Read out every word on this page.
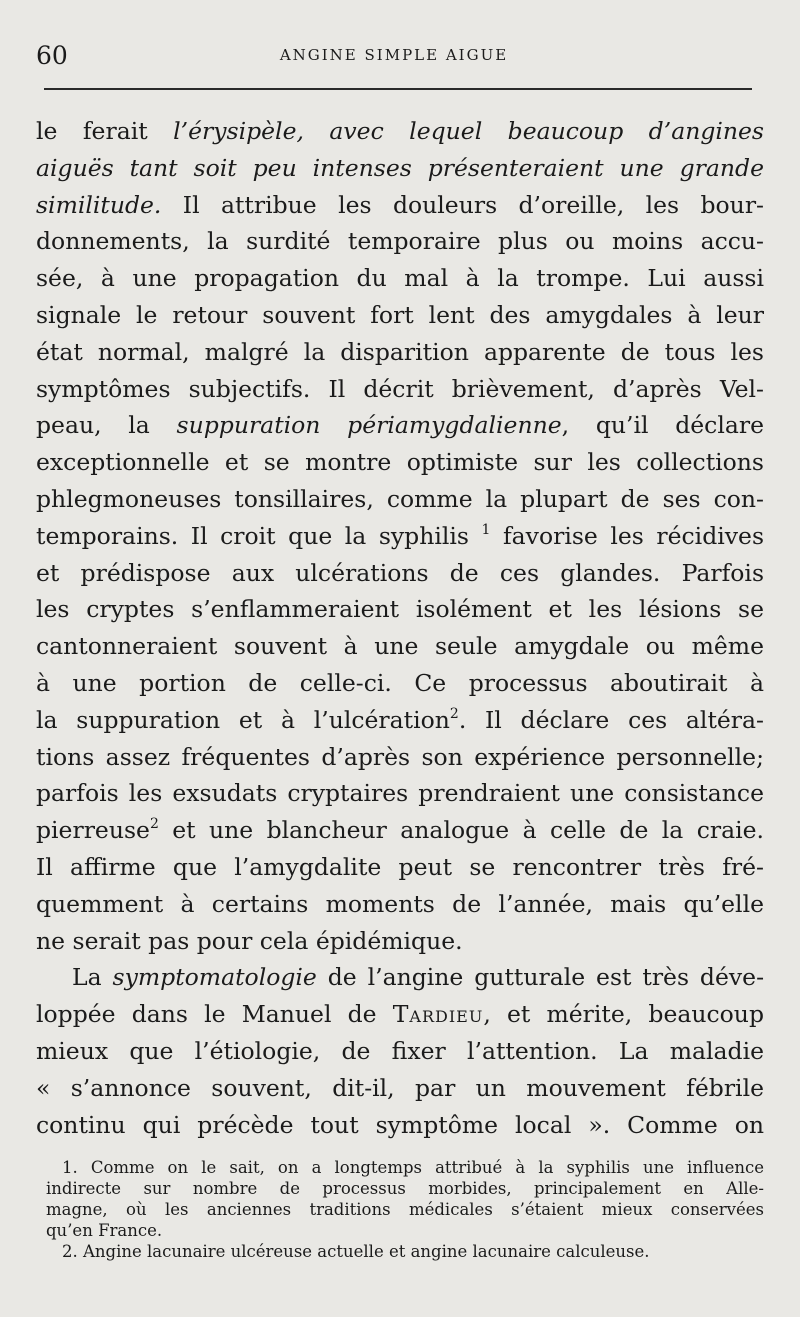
60	ANGINE SIMPLE AIGUE
le ferait l’érysipèle, avec lequel beaucoup d’angines
aiguës tant soit peu intenses présenteraient une grande
similitude. Il attribue les douleurs d’oreille, les bour-
donnements, la surdité temporaire plus ou moins accu-
sée, à une propagation du mal à la trompe. Lui aussi
signale le retour souvent fort lent des amygdales à leur
état normal, malgré la disparition apparente de tous les
symptômes subjectifs. Il décrit brièvement, d’après Vel-
peau, la suppuration périamygdalienne, qu’il déclare
exceptionnelle et se montre optimiste sur les collections
phlegmoneuses tonsillaires, comme la plupart de ses con-
temporains. Il croit que la syphilis $^1$ favorise les récidives
et prédispose aux ulcérations de ces glandes. Parfois
les cryptes s’enflammeraient isolément et les lésions se
cantonneraient souvent à une seule amygdale ou même
à une portion de celle-ci. Ce processus aboutirait à
la suppuration et à l’ulcération$^2$. Il déclare ces altéra-
tions assez fréquentes d’après son expérience personnelle;
parfois les exsudats cryptaires prendraient une consistance
pierreuse$^2$ et une blancheur analogue à celle de la craie.
Il affirme que l’amygdalite peut se rencontrer très fré-
quemment à certains moments de l’année, mais qu’elle
ne serait pas pour cela épidémique.
La symptomatologie de l’angine gutturale est très déve-
loppée dans le Manuel de Tardieu, et mérite, beaucoup
mieux que l’étiologie, de fixer l’attention. La maladie
« s’annonce souvent, dit-il, par un mouvement fébrile
continu qui précède tout symptôme local ». Comme on
1. Comme on le sait, on a longtemps attribué à la syphilis une influence
indirecte sur nombre de processus morbides, principalement en Alle-
magne, où les anciennes traditions médicales s’étaient mieux conservées
qu’en France.
2. Angine lacunaire ulcéreuse actuelle et angine lacunaire calculeuse.
